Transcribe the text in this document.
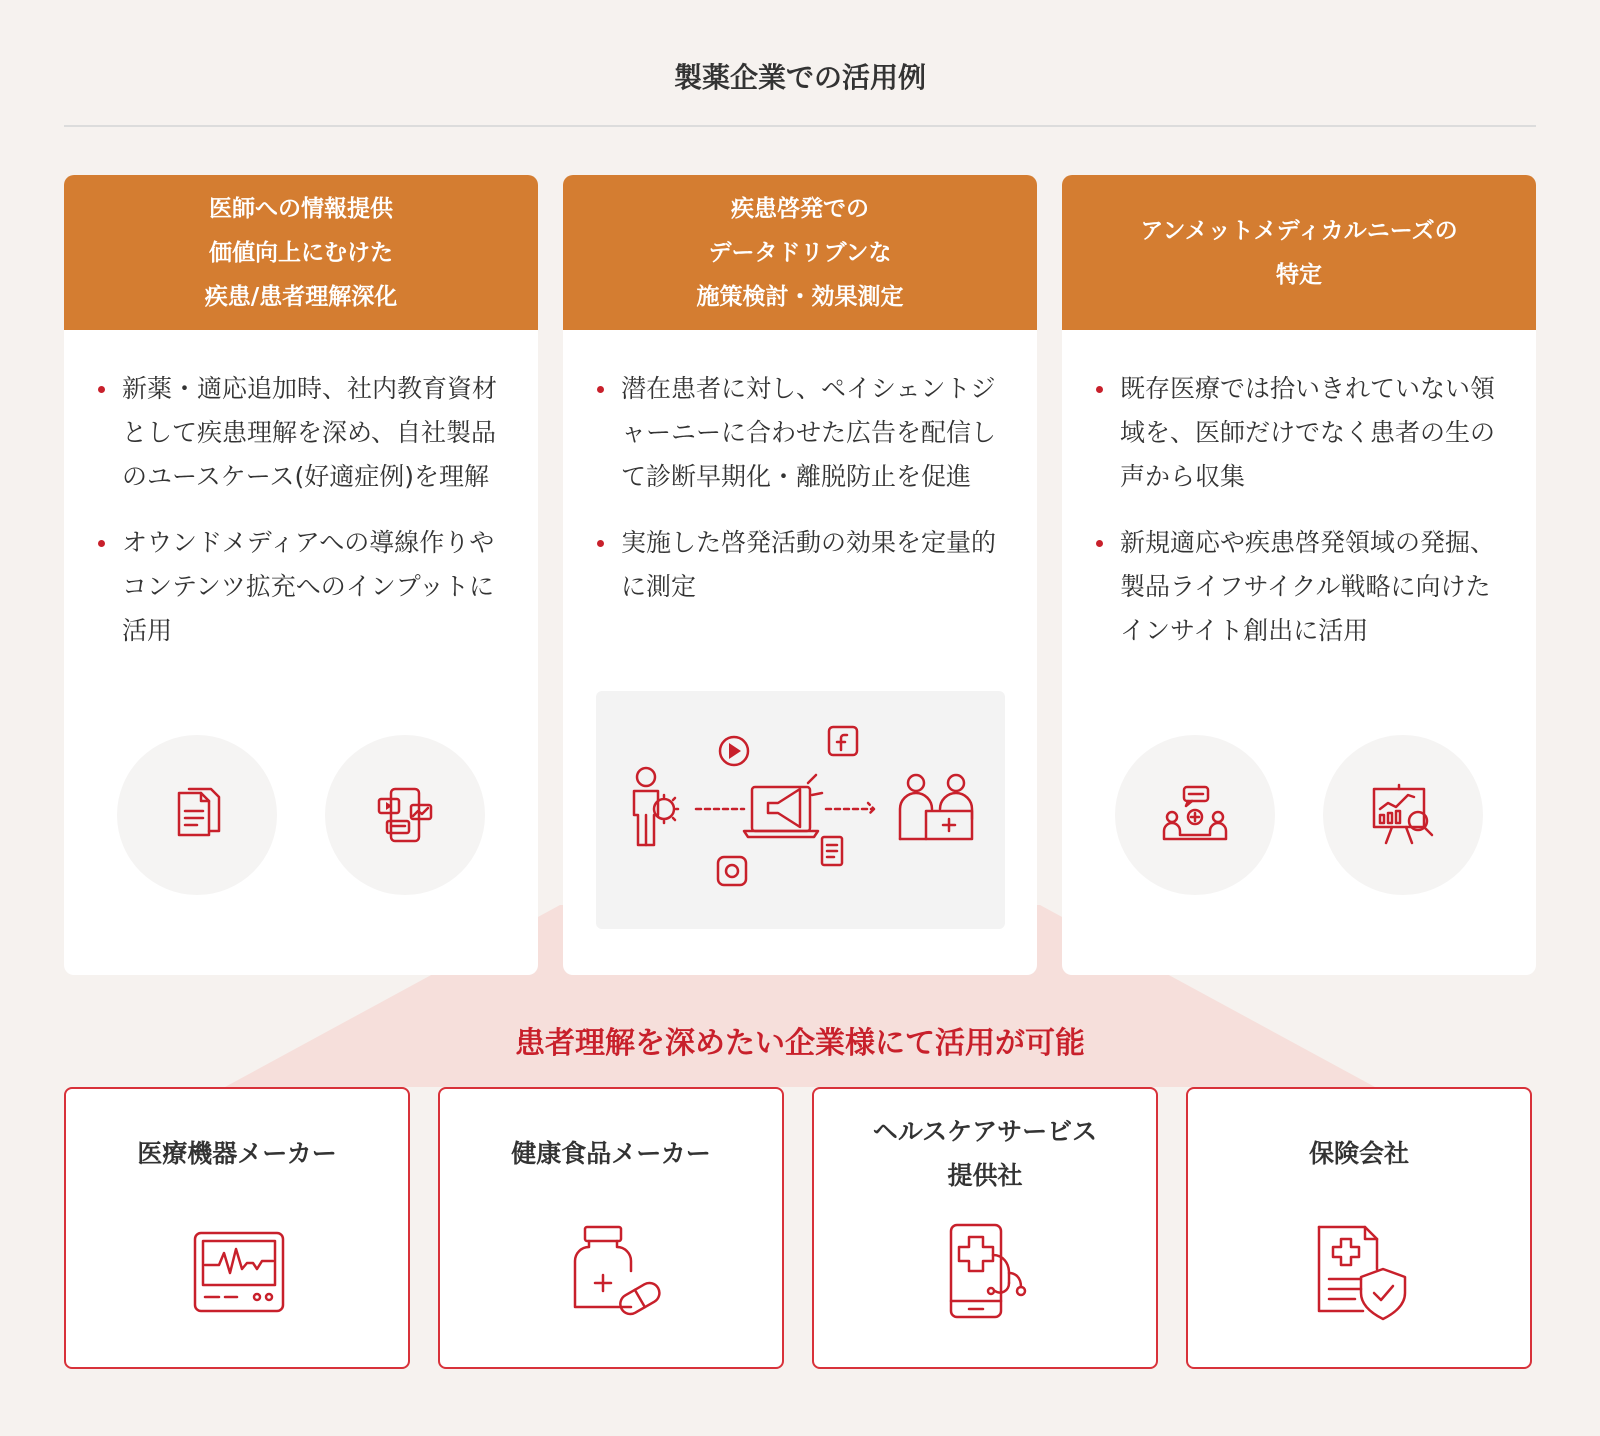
製薬企業での活用例
医師への情報提供
価値向上にむけた
疾患/患者理解深化
新薬・適応追加時、社内教育資材として疾患理解を深め、自社製品のユースケース(好適症例)を理解
オウンドメディアへの導線作りやコンテンツ拡充へのインプットに活用
疾患啓発での
データドリブンな
施策検討・効果測定
潜在患者に対し、ペイシェントジャーニーに合わせた広告を配信して診断早期化・離脱防止を促進
実施した啓発活動の効果を定量的に測定
アンメットメディカルニーズの
特定
既存医療では拾いきれていない領域を、医師だけでなく患者の生の声から収集
新規適応や疾患啓発領域の発掘、製品ライフサイクル戦略に向けたインサイト創出に活用
患者理解を深めたい企業様にて活用が可能
医療機器メーカー	健康食品メーカー
ヘルスケアサービス
提供社
保険会社
